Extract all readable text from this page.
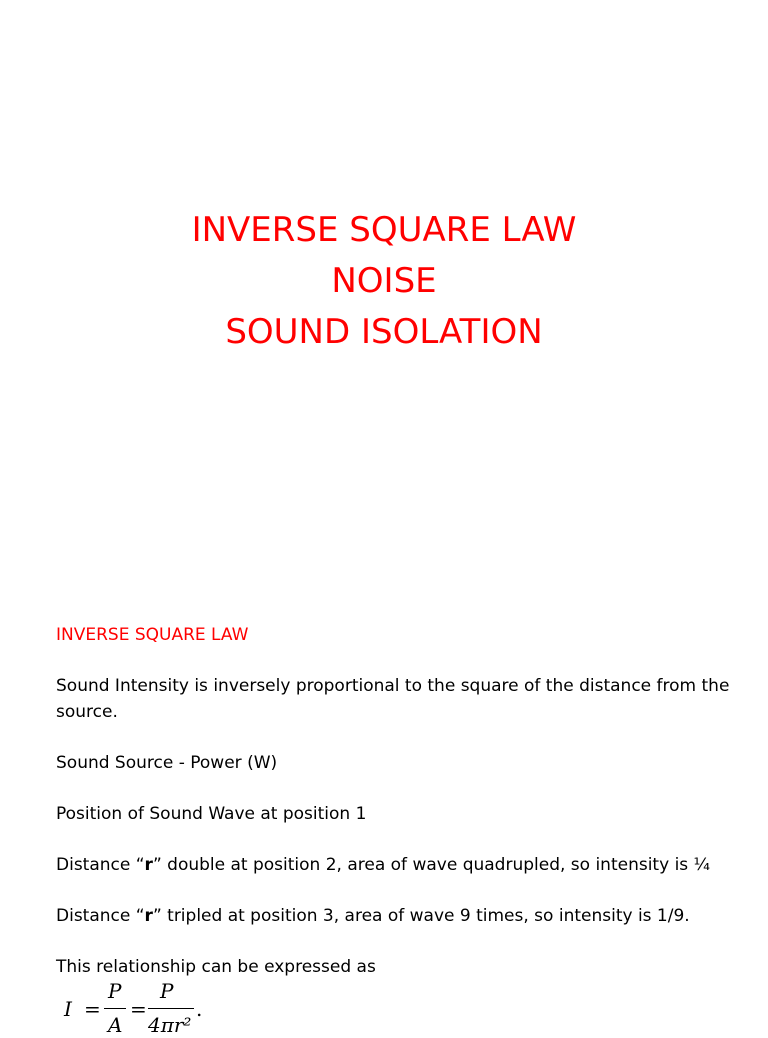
INVERSE SQUARE LAW
NOISE
SOUND ISOLATION
INVERSE SQUARE LAW
Sound Intensity is inversely proportional to the square of the distance from the source.
Sound Source - Power (W)
Position of Sound Wave at position 1
Distance “r” double at position 2, area of wave quadrupled, so intensity is ¼
Distance “r” tripled at position 3, area of wave 9 times, so intensity is 1/9.
This relationship can be expressed as
I =
P
A
=
P
4πr²
.
